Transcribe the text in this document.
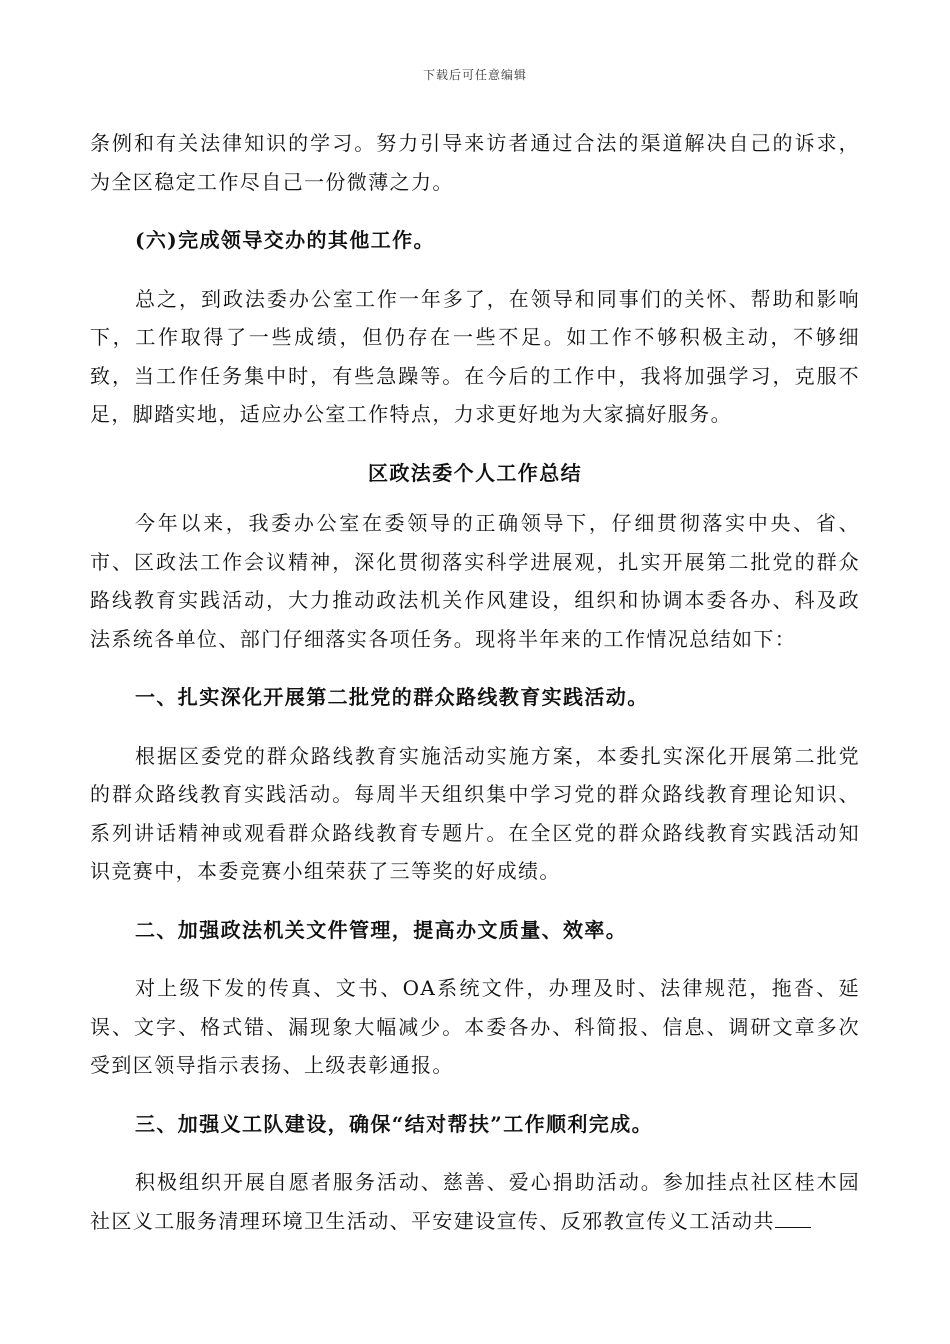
下载后可任意编辑

条例和有关法律知识的学习。努力引导来访者通过合法的渠道解决自己的诉求，为全区稳定工作尽自己一份微薄之力。

(六)完成领导交办的其他工作。

总之，到政法委办公室工作一年多了，在领导和同事们的关怀、帮助和影响下，工作取得了一些成绩，但仍存在一些不足。如工作不够积极主动，不够细致，当工作任务集中时，有些急躁等。在今后的工作中，我将加强学习，克服不足，脚踏实地，适应办公室工作特点，力求更好地为大家搞好服务。

区政法委个人工作总结

今年以来，我委办公室在委领导的正确领导下，仔细贯彻落实中央、省、市、区政法工作会议精神，深化贯彻落实科学进展观，扎实开展第二批党的群众路线教育实践活动，大力推动政法机关作风建设，组织和协调本委各办、科及政法系统各单位、部门仔细落实各项任务。现将半年来的工作情况总结如下：

一、扎实深化开展第二批党的群众路线教育实践活动。

根据区委党的群众路线教育实施活动实施方案，本委扎实深化开展第二批党的群众路线教育实践活动。每周半天组织集中学习党的群众路线教育理论知识、系列讲话精神或观看群众路线教育专题片。在全区党的群众路线教育实践活动知识竞赛中，本委竞赛小组荣获了三等奖的好成绩。

二、加强政法机关文件管理，提高办文质量、效率。

对上级下发的传真、文书、OA系统文件，办理及时、法律规范，拖沓、延误、文字、格式错、漏现象大幅减少。本委各办、科简报、信息、调研文章多次受到区领导指示表扬、上级表彰通报。

三、加强义工队建设，确保“结对帮扶”工作顺利完成。

积极组织开展自愿者服务活动、慈善、爱心捐助活动。参加挂点社区桂木园社区义工服务清理环境卫生活动、平安建设宣传、反邪教宣传义工活动共
